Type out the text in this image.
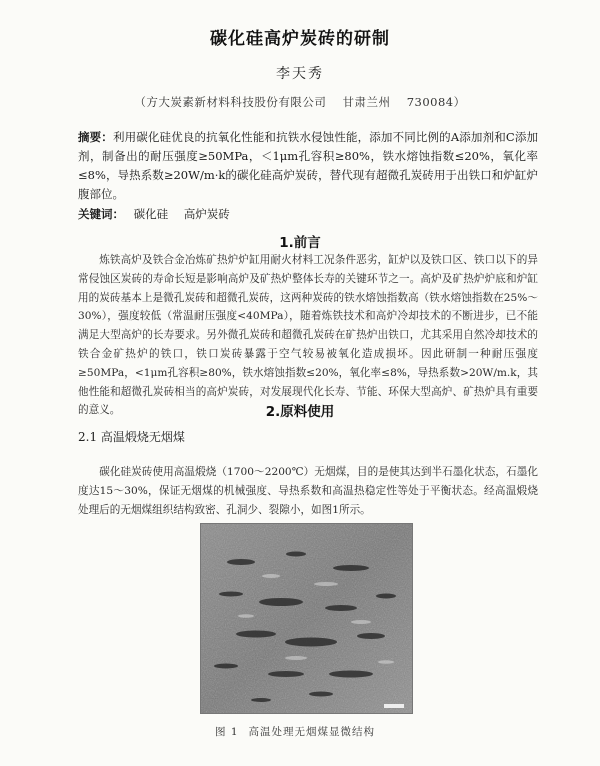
碳化硅高炉炭砖的研制
李天秀
（方大炭素新材料科技股份有限公司 甘肃兰州 730084）
摘要：利用碳化硅优良的抗氧化性能和抗铁水侵蚀性能，添加不同比例的A添加剂和C添加剂，制备出的耐压强度≥50MPa，＜1μm孔容积≥80%，铁水熔蚀指数≤20%，氧化率≤8%，导热系数≥20W/m·k的碳化硅高炉炭砖，替代现有超微孔炭砖用于出铁口和炉缸炉腹部位。
关键词： 碳化硅 高炉炭砖
1.前言
炼铁高炉及铁合金冶炼矿热炉炉缸用耐火材料工况条件恶劣，缸炉以及铁口区、铁口以下的异常侵蚀区炭砖的寿命长短是影响高炉及矿热炉整体长寿的关键环节之一。高炉及矿热炉炉底和炉缸用的炭砖基本上是微孔炭砖和超微孔炭砖，这两种炭砖的铁水熔蚀指数高（铁水熔蚀指数在25%～30%），强度较低（常温耐压强度<40MPa），随着炼铁技术和高炉冷却技术的不断进步，已不能满足大型高炉的长寿要求。另外微孔炭砖和超微孔炭砖在矿热炉出铁口，尤其采用自然冷却技术的铁合金矿热炉的铁口，铁口炭砖暴露于空气较易被氧化造成损坏。因此研制一种耐压强度≥50MPa，<1μm孔容积≥80%，铁水熔蚀指数≤20%，氧化率≤8%，导热系数>20W/m.k，其他性能和超微孔炭砖相当的高炉炭砖，对发展现代化长寿、节能、环保大型高炉、矿热炉具有重要的意义。	2.原料使用
2.1 高温煅烧无烟煤
碳化硅炭砖使用高温煅烧（1700～2200℃）无烟煤，目的是使其达到半石墨化状态，石墨化度达15～30%，保证无烟煤的机械强度、导热系数和高温热稳定性等处于平衡状态。经高温煅烧处理后的无烟煤组织结构致密、孔洞少、裂隙小，如图1所示。
图 1 高温处理无烟煤显微结构
